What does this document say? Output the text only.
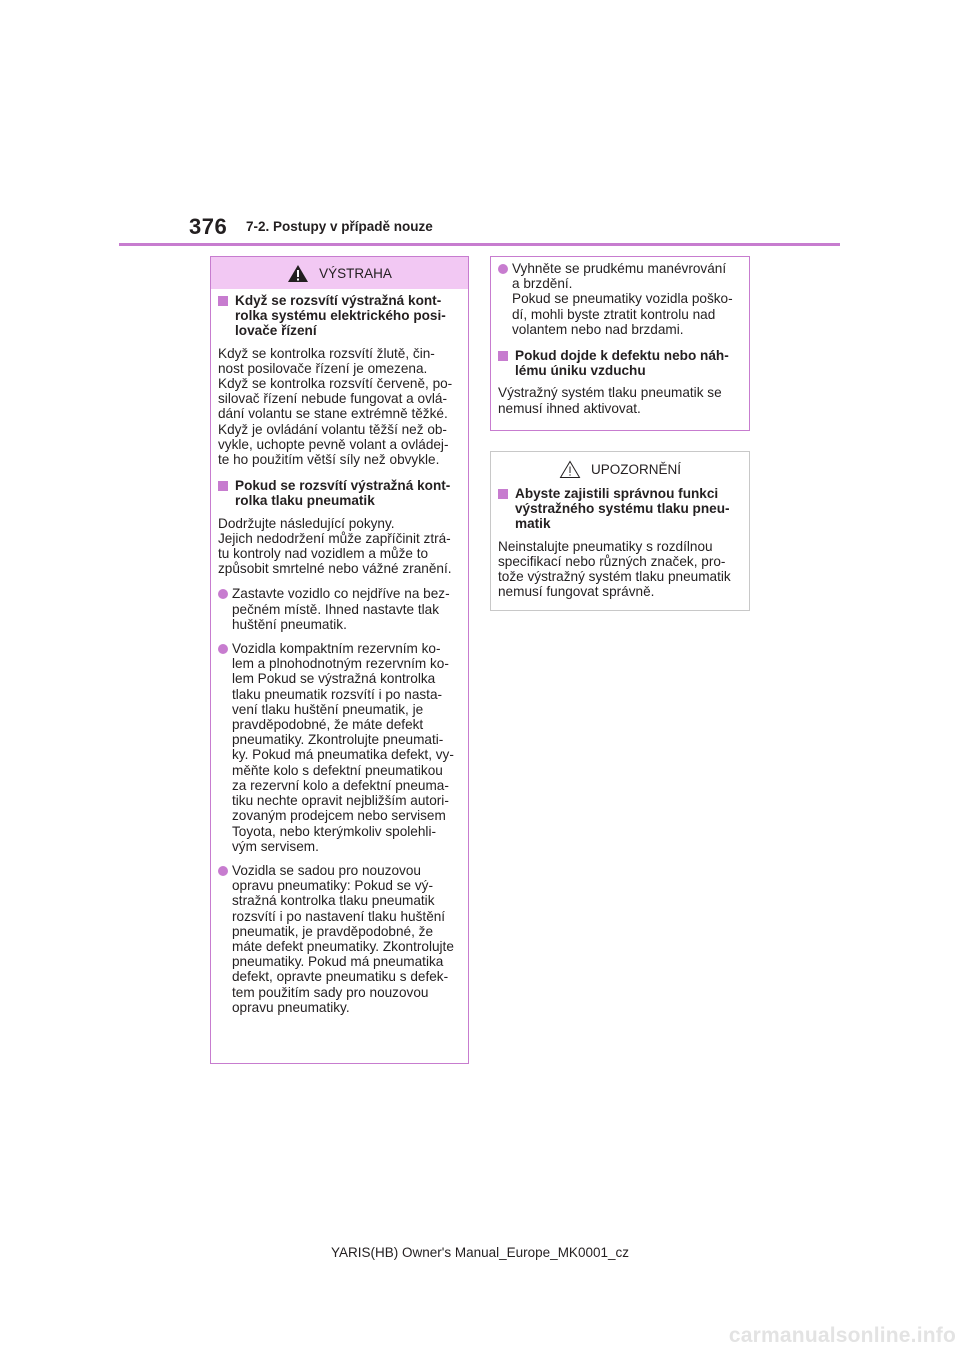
376 7-2. Postupy v případě nouze
VÝSTRAHA
Když se rozsvítí výstražná kont-
rolka systému elektrického posi-
lovače řízení
Když se kontrolka rozsvítí žlutě, čin-
nost posilovače řízení je omezena.
Když se kontrolka rozsvítí červeně, po-
silovač řízení nebude fungovat a ovlá-
dání volantu se stane extrémně těžké.
Když je ovládání volantu těžší než ob-
vykle, uchopte pevně volant a ovládej-
te ho použitím větší síly než obvykle.
Pokud se rozsvítí výstražná kont-
rolka tlaku pneumatik
Dodržujte následující pokyny.
Jejich nedodržení může zapříčinit ztrá-
tu kontroly nad vozidlem a může to
způsobit smrtelné nebo vážné zranění.
Zastavte vozidlo co nejdříve na bez-
pečném místě. Ihned nastavte tlak
huštění pneumatik.
Vozidla kompaktním rezervním ko-
lem a plnohodnotným rezervním ko-
lem Pokud se výstražná kontrolka
tlaku pneumatik rozsvítí i po nasta-
vení tlaku huštění pneumatik, je
pravděpodobné, že máte defekt
pneumatiky. Zkontrolujte pneumati-
ky. Pokud má pneumatika defekt, vy-
měňte kolo s defektní pneumatikou
za rezervní kolo a defektní pneuma-
tiku nechte opravit nejbližším autori-
zovaným prodejcem nebo servisem
Toyota, nebo kterýmkoliv spolehli-
vým servisem.
Vozidla se sadou pro nouzovou
opravu pneumatiky: Pokud se vý-
stražná kontrolka tlaku pneumatik
rozsvítí i po nastavení tlaku huštění
pneumatik, je pravděpodobné, že
máte defekt pneumatiky. Zkontrolujte
pneumatiky. Pokud má pneumatika
defekt, opravte pneumatiku s defek-
tem použitím sady pro nouzovou
opravu pneumatiky.
Vyhněte se prudkému manévrování
a brzdění.
Pokud se pneumatiky vozidla poško-
dí, mohli byste ztratit kontrolu nad
volantem nebo nad brzdami.
Pokud dojde k defektu nebo náh-
lému úniku vzduchu
Výstražný systém tlaku pneumatik se
nemusí ihned aktivovat.
UPOZORNĚNÍ
Abyste zajistili správnou funkci
výstražného systému tlaku pneu-
matik
Neinstalujte pneumatiky s rozdílnou
specifikací nebo různých značek, pro-
tože výstražný systém tlaku pneumatik
nemusí fungovat správně.
YARIS(HB) Owner's Manual_Europe_MK0001_cz
carmanualsonline.info
